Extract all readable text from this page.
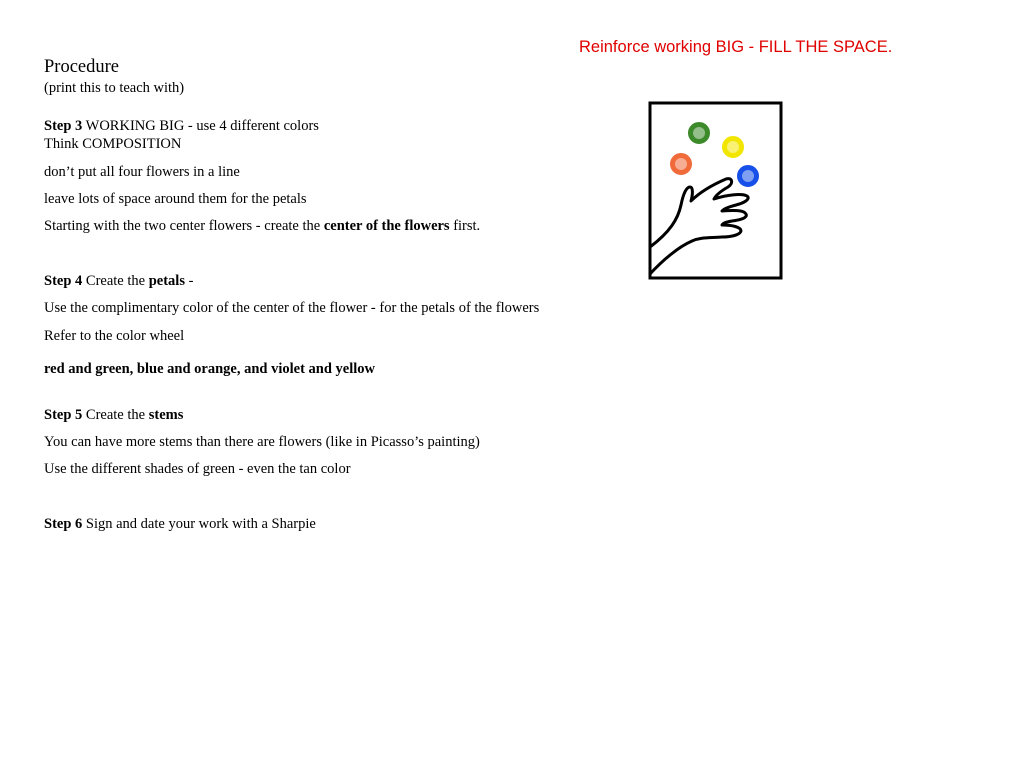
Reinforce working BIG - FILL THE SPACE.
Procedure
(print this to teach with)
Step 3 WORKING BIG - use 4 different colors
Think COMPOSITION
don’t put all four flowers in a line
leave lots of space around them for the petals
Starting with the two center flowers - create the center of the flowers first.
Step 4 Create the petals -
Use the complimentary color of the center of the flower - for the petals of the flowers
Refer to the color wheel
red and green, blue and orange, and violet and yellow
Step 5 Create the stems
You can have more stems than there are flowers (like in Picasso’s painting)
Use the different shades of green - even the tan color
Step 6 Sign and date your work with a Sharpie
